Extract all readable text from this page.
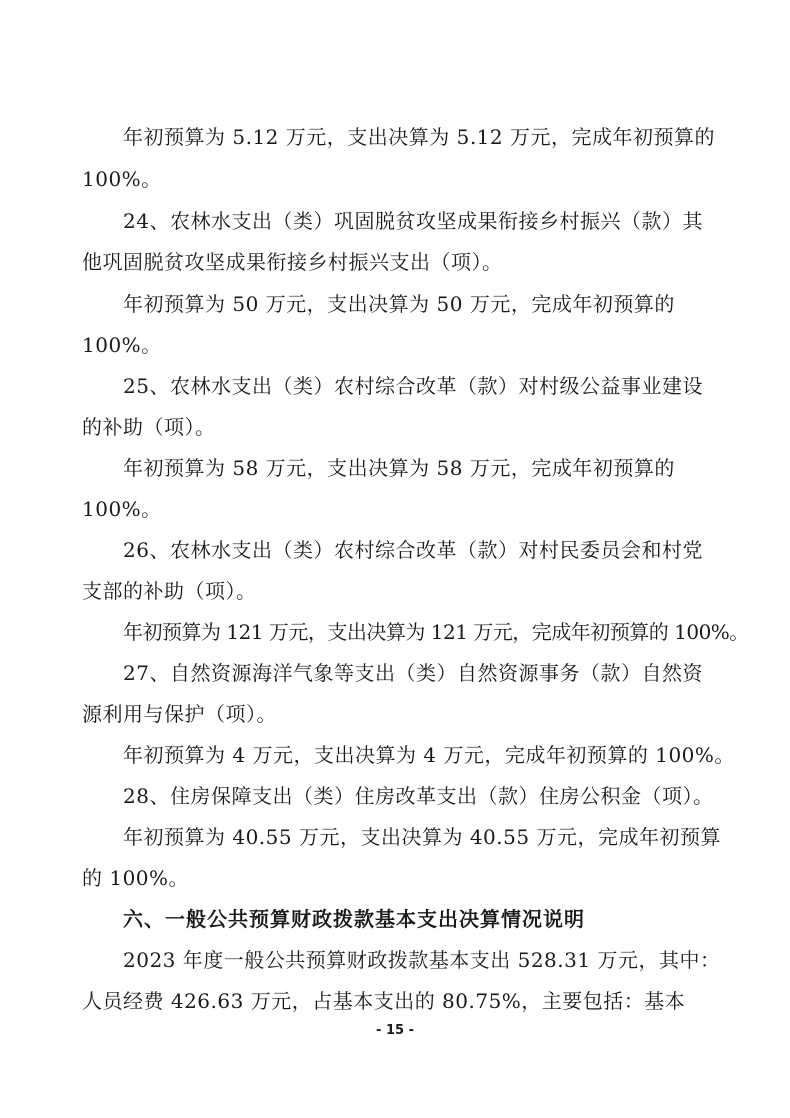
年初预算为 5.12 万元，支出决算为 5.12 万元，完成年初预算的
100%。
24、农林水支出（类）巩固脱贫攻坚成果衔接乡村振兴（款）其
他巩固脱贫攻坚成果衔接乡村振兴支出（项）。
年初预算为 50 万元，支出决算为 50 万元，完成年初预算的
100%。
25、农林水支出（类）农村综合改革（款）对村级公益事业建设
的补助（项）。
年初预算为 58 万元，支出决算为 58 万元，完成年初预算的
100%。
26、农林水支出（类）农村综合改革（款）对村民委员会和村党
支部的补助（项）。
年初预算为 121 万元，支出决算为 121 万元，完成年初预算的 100%。
27、自然资源海洋气象等支出（类）自然资源事务（款）自然资
源利用与保护（项）。
年初预算为 4 万元，支出决算为 4 万元，完成年初预算的 100%。
28、住房保障支出（类）住房改革支出（款）住房公积金（项）。
年初预算为 40.55 万元，支出决算为 40.55 万元，完成年初预算
的 100%。
六、一般公共预算财政拨款基本支出决算情况说明
2023 年度一般公共预算财政拨款基本支出 528.31 万元，其中：
人员经费 426.63 万元，占基本支出的 80.75%，主要包括：基本
- 15 -
